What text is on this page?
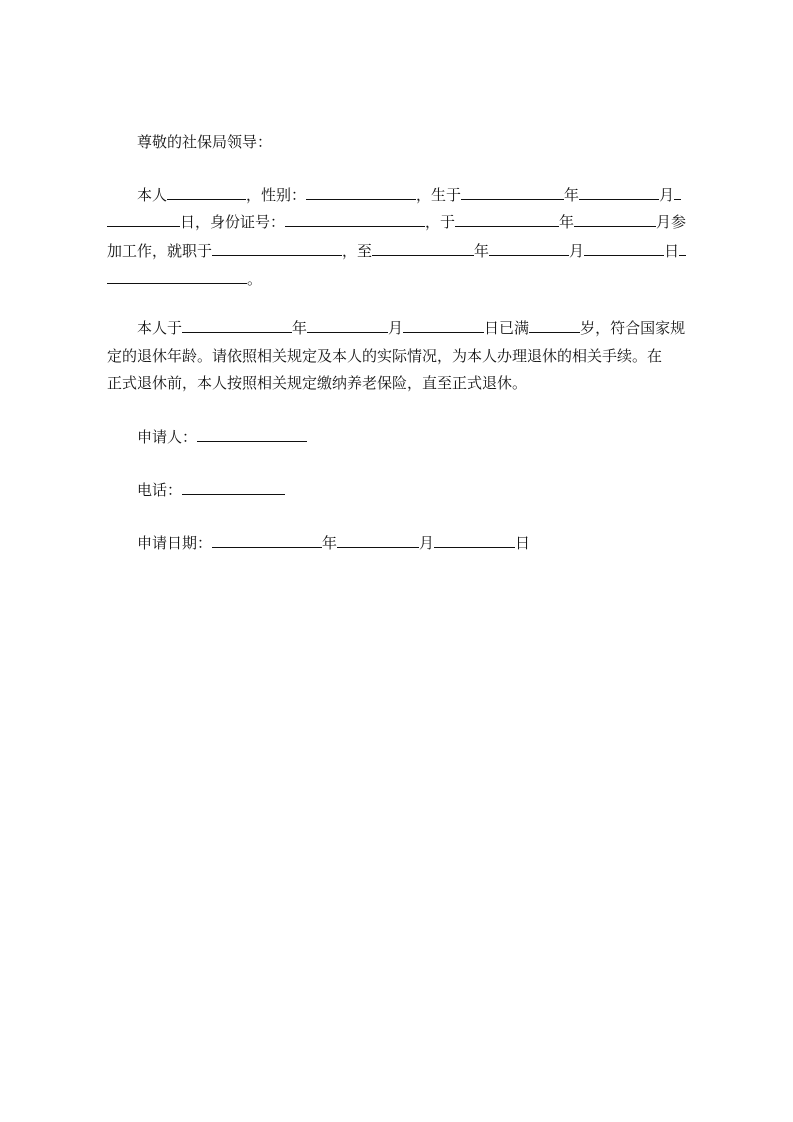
尊敬的社保局领导：
本人	，性别：	，生于	年	月
日，身份证号：	，于	年	月参
加工作，就职于	，至	年	月	日
。
本人于	年	月	日已满	岁，符合国家规
定的退休年龄。请依照相关规定及本人的实际情况，为本人办理退休的相关手续。在
正式退休前，本人按照相关规定缴纳养老保险，直至正式退休。
申请人：
电话：
申请日期：	年	月	日
